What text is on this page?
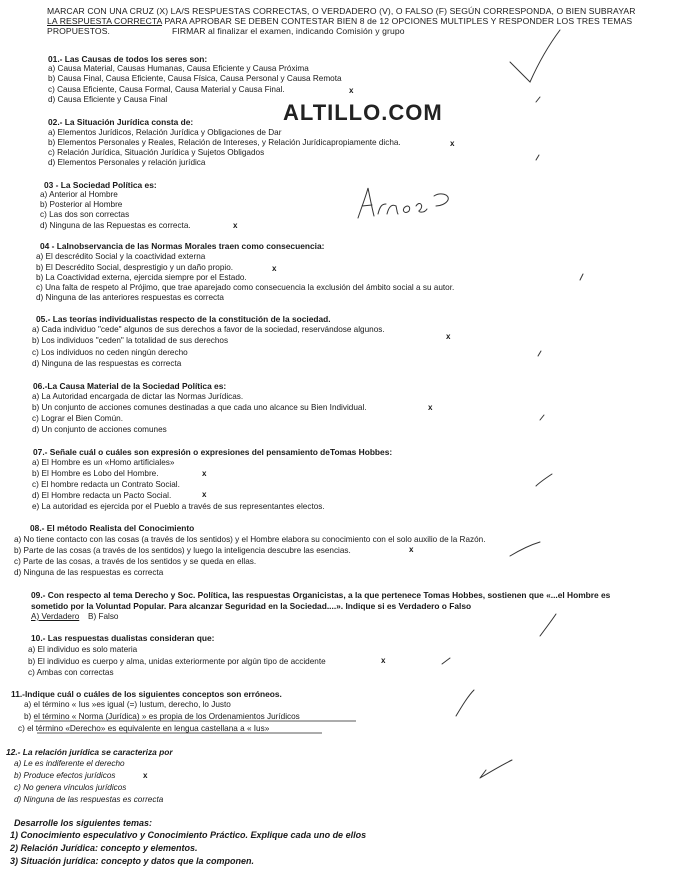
MARCAR CON UNA CRUZ (X) LA/S RESPUESTAS CORRECTAS, O VERDADERO (V), O FALSO (F) SEGÚN CORRESPONDA, O BIEN SUBRAYAR
LA RESPUESTA CORRECTA PARA APROBAR SE DEBEN CONTESTAR BIEN 8 de 12 OPCIONES MULTIPLES Y RESPONDER LOS TRES TEMAS
PROPUESTOS.	FIRMAR al finalizar el examen, indicando Comisión y grupo
ALTILLO.COM
01.- Las Causas de todos los seres son:
a) Causa Material, Causas Humanas, Causa Eficiente y Causa Próxima
b) Causa Final, Causa Eficiente, Causa Física, Causa Personal y Causa Remota
c) Causa Eficiente, Causa Formal, Causa Material y Causa Final.
d) Causa Eficiente y Causa Final
02.- La Situación Jurídica consta de:
a) Elementos Jurídicos, Relación Jurídica y Obligaciones de Dar
b) Elementos Personales y Reales, Relación de Intereses, y Relación Jurídicapropiamente dicha.
c) Relación Jurídica, Situación Jurídica y Sujetos Obligados
d) Elementos Personales y relación jurídica
03 - La Sociedad Política es:
a) Anterior al Hombre
b) Posterior al Hombre
c) Las dos son correctas
d) Ninguna de las Repuestas es correcta.
04 - LaInobservancia de las Normas Morales traen como consecuencia:
a) El descrédito Social y la coactividad externa
b) El Descrédito Social, desprestigio y un daño propio.
b) La Coactividad externa, ejercida siempre por el Estado.
c) Una falta de respeto al Prójimo, que trae aparejado como consecuencia la exclusión del ámbito social a su autor.
d) Ninguna de las anteriores respuestas es correcta
05.- Las teorías individualistas respecto de la constitución de la sociedad.
a) Cada individuo "cede" algunos de sus derechos a favor de la sociedad, reservándose algunos.
b) Los individuos "ceden" la totalidad de sus derechos
c) Los individuos no ceden ningún derecho
d) Ninguna de las respuestas es correcta
06.-La Causa Material de la Sociedad Política es:
a) La Autoridad encargada de dictar las Normas Jurídicas.
b) Un conjunto de acciones comunes destinadas a que cada uno alcance su Bien Individual.
c) Lograr el Bien Común.
d) Un conjunto de acciones comunes
07.- Señale cuál o cuáles son expresión o expresiones del pensamiento deTomas Hobbes:
a) El Hombre es un «Homo artificiales»
b) El Hombre es Lobo del Hombre.
c) El hombre redacta un Contrato Social.
d) El Hombre redacta un Pacto Social.
e) La autoridad es ejercida por el Pueblo a través de sus representantes electos.
08.- El método Realista del Conocimiento
a) No tiene contacto con las cosas (a través de los sentidos) y el Hombre elabora su conocimiento con el solo auxilio de la Razón.
b) Parte de las cosas (a través de los sentidos) y luego la inteligencia descubre las esencias.
c) Parte de las cosas, a través de los sentidos y se queda en ellas.
d) Ninguna de las respuestas es correcta
09.- Con respecto al tema Derecho y Soc. Política, las respuestas Organicistas, a la que pertenece Tomas Hobbes, sostienen que «...el Hombre es
sometido por la Voluntad Popular. Para alcanzar Seguridad en la Sociedad....». Indique si es Verdadero o Falso
A) Verdadero B) Falso
10.- Las respuestas dualistas consideran que:
a) El individuo es solo materia
b) El individuo es cuerpo y alma, unidas exteriormente por algún tipo de accidente
c) Ambas con correctas
11.-Indique cuál o cuáles de los siguientes conceptos son erróneos.
a) el término « Ius »es igual (=) Iustum, derecho, lo Justo
b) el término « Norma (Jurídica) » es propia de los Ordenamientos Jurídicos
c) el término «Derecho» es equivalente en lengua castellana a « Ius»
12.- La relación jurídica se caracteriza por
a) Le es indiferente el derecho
b) Produce efectos jurídicos
c) No genera vínculos jurídicos
d) Ninguna de las respuestas es correcta
Desarrolle los siguientes temas:
1) Conocimiento especulativo y Conocimiento Práctico. Explique cada uno de ellos
2) Relación Jurídica: concepto y elementos.
3) Situación jurídica: concepto y datos que la componen.
x
x
x
x
x
x
x
x
x
x
x
